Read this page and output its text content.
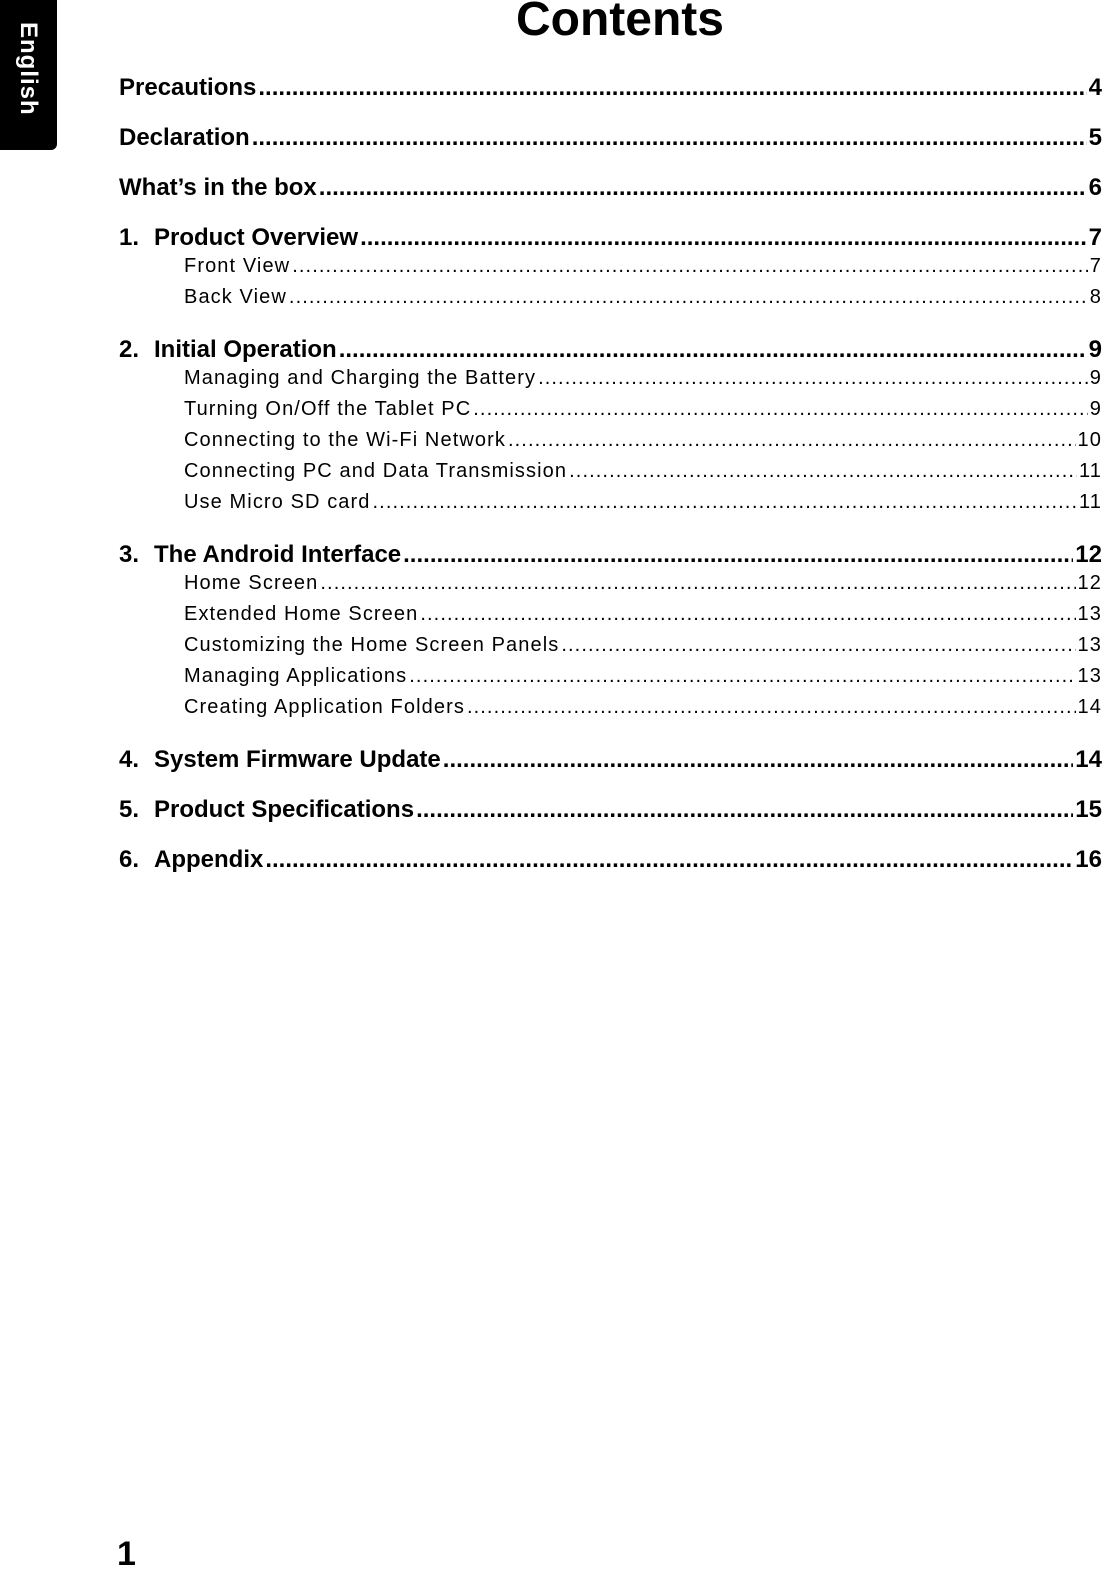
English
Contents
Precautions .....	4
Declaration .....	5
What’s in the box .....	6
1. Product Overview .....	7
Front View .....	7
Back View .....	8
2. Initial Operation .....	9
Managing and Charging the Battery .....	9
Turning On/Off the Tablet PC .....	9
Connecting to the Wi-Fi Network .....	10
Connecting PC and Data Transmission .....	11
Use Micro SD card .....	11
3. The Android Interface .....	12
Home Screen .....	12
Extended Home Screen .....	13
Customizing the Home Screen Panels .....	13
Managing Applications .....	13
Creating Application Folders .....	14
4. System Firmware Update .....	14
5. Product Specifications .....	15
6. Appendix .....	16
1
